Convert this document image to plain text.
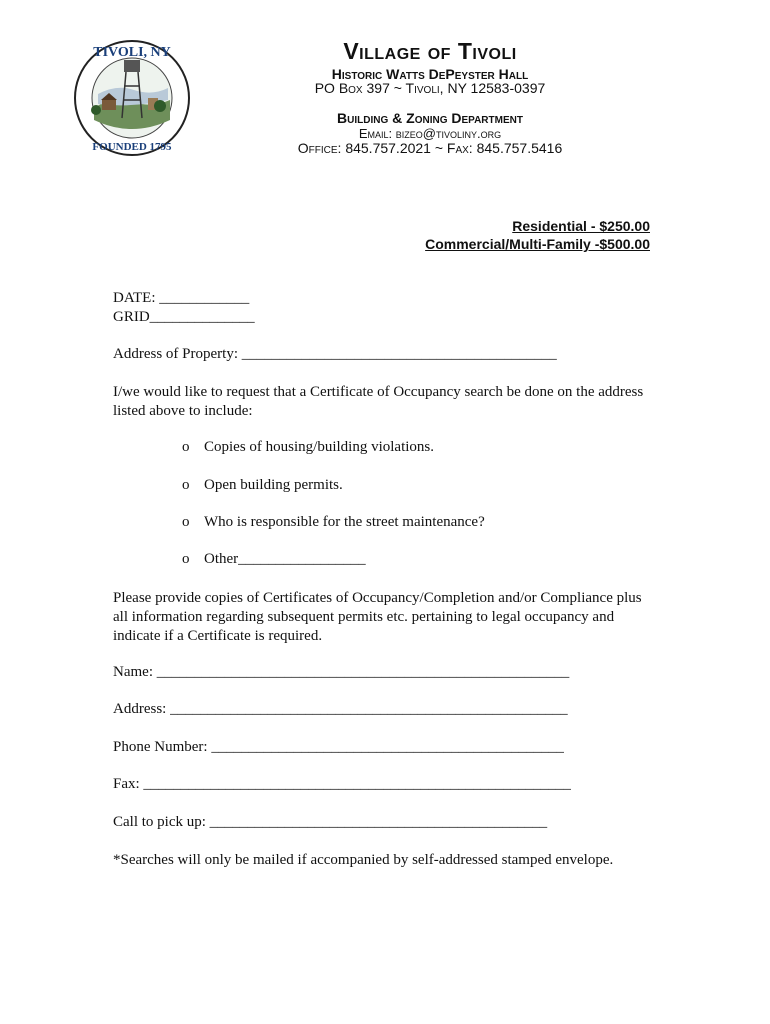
TIVOLI, NY
FOUNDED 1795
Village of Tivoli
Historic Watts DePeyster Hall
PO Box 397 ~ Tivoli, NY 12583-0397
Building & Zoning Department
Email: bizeo@tivoliny.org
Office: 845.757.2021 ~ Fax: 845.757.5416
Residential - $250.00
Commercial/Multi-Family -$500.00
DATE: ____________
GRID______________
Address of Property: __________________________________________
I/we would like to request that a Certificate of Occupancy search be done on the address listed above to include:
o Copies of housing/building violations.
o Open building permits.
o Who is responsible for the street maintenance?
o Other_________________
Please provide copies of Certificates of Occupancy/Completion and/or Compliance plus all information regarding subsequent permits etc. pertaining to legal occupancy and indicate if a Certificate is required.
Name: _______________________________________________________
Address: _____________________________________________________
Phone Number: _______________________________________________
Fax: _________________________________________________________
Call to pick up: _____________________________________________
*Searches will only be mailed if accompanied by self-addressed stamped envelope.
